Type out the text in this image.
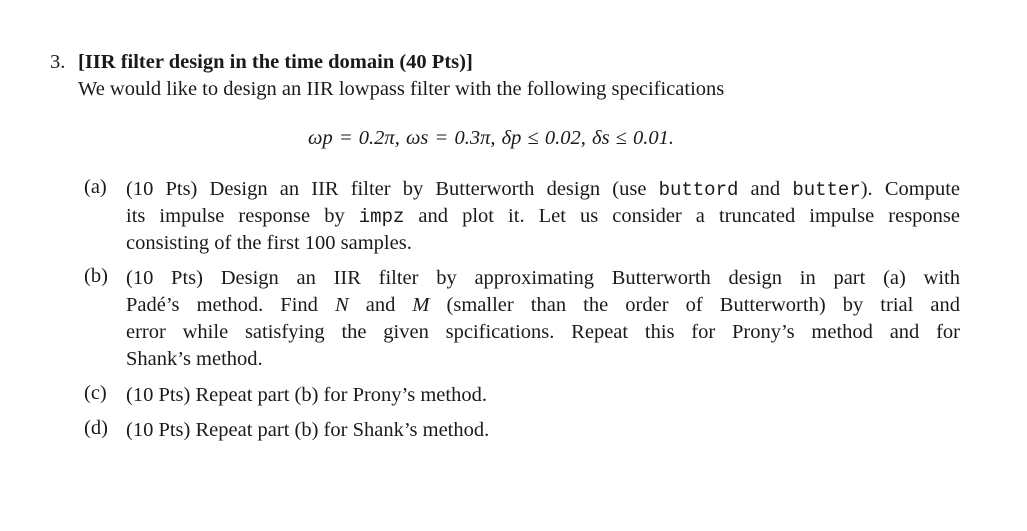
3. [IIR filter design in the time domain (40 Pts)]
We would like to design an IIR lowpass filter with the following specifications
ωp = 0.2π, ωs = 0.3π, δp ≤ 0.02, δs ≤ 0.01.
(a) (10 Pts) Design an IIR filter by Butterworth design (use buttord and butter). Compute
its impulse response by impz and plot it. Let us consider a truncated impulse response
consisting of the first 100 samples.
(b) (10 Pts) Design an IIR filter by approximating Butterworth design in part (a) with
Padé’s method. Find N and M (smaller than the order of Butterworth) by trial and
error while satisfying the given spcifications. Repeat this for Prony’s method and for
Shank’s method.
(c) (10 Pts) Repeat part (b) for Prony’s method.
(d) (10 Pts) Repeat part (b) for Shank’s method.
